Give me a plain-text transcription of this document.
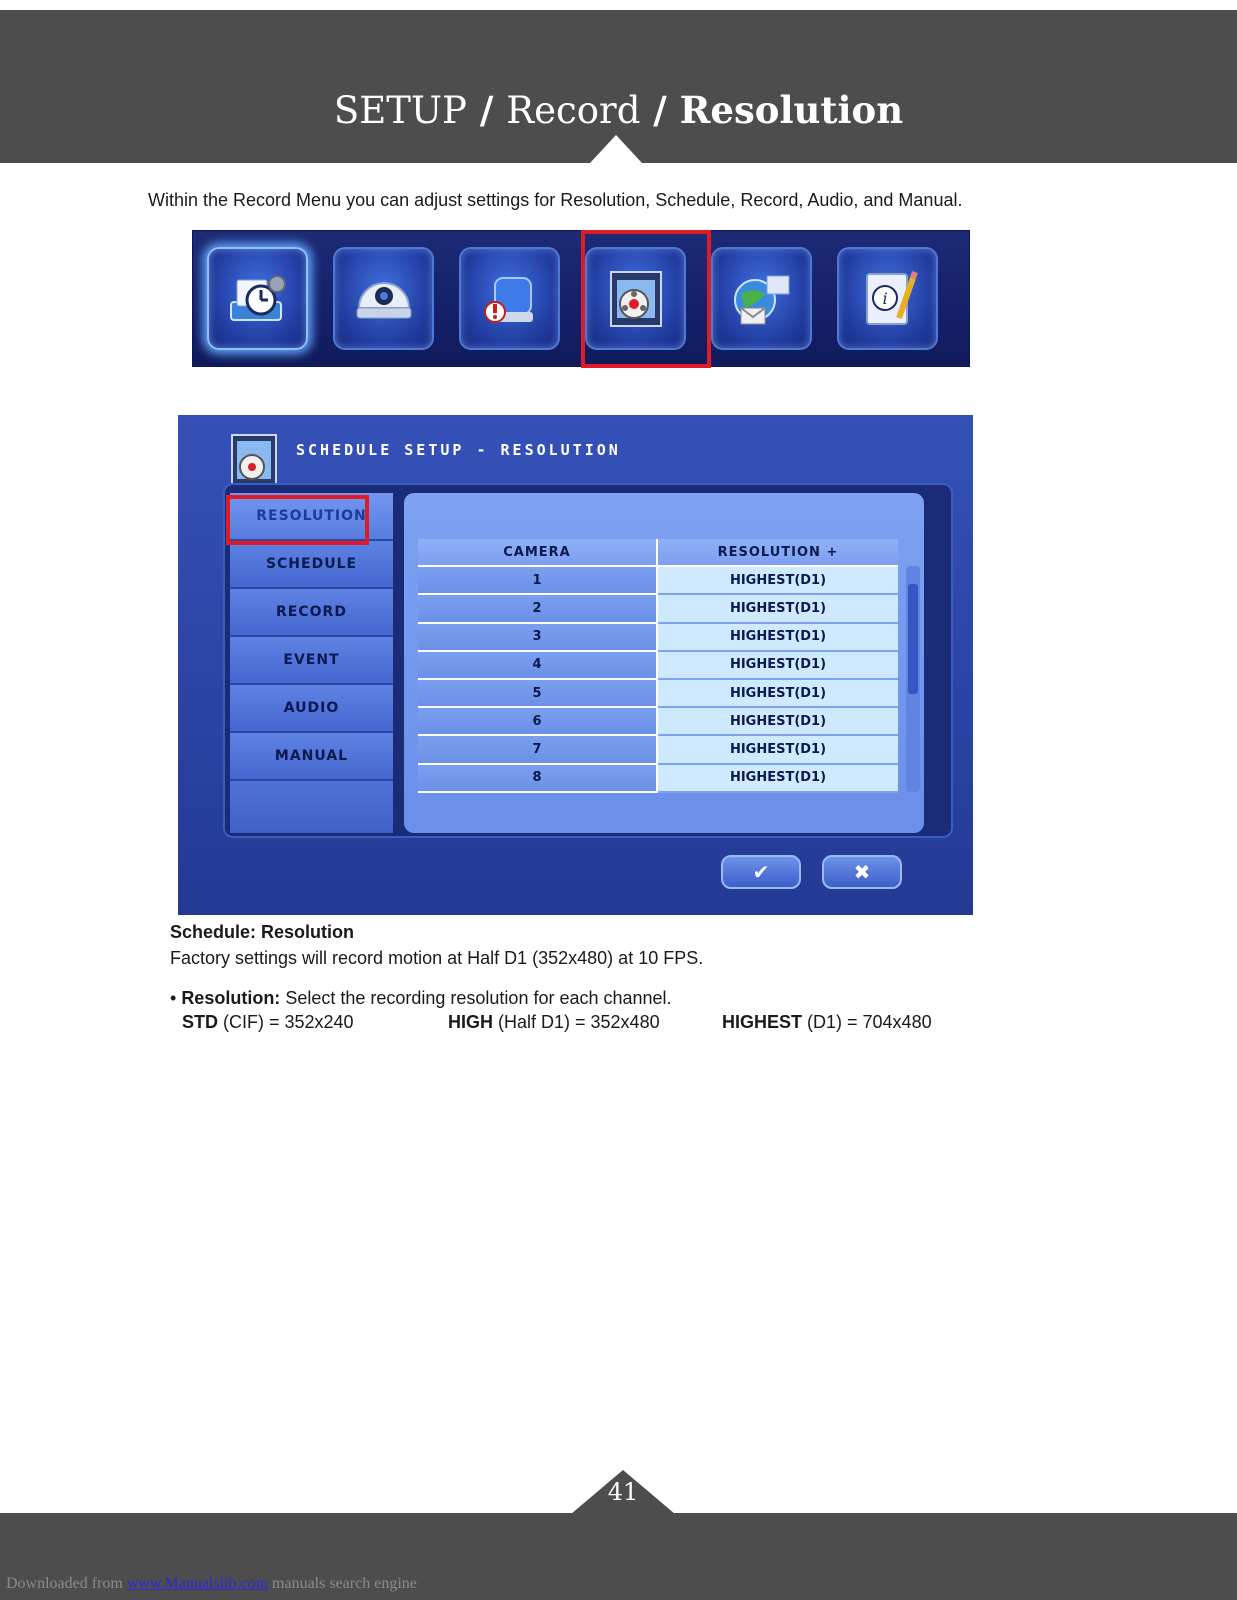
SETUP / Record / Resolution
Within the Record Menu you can adjust settings for Resolution, Schedule, Record, Audio, and Manual.
i
SCHEDULE SETUP - RESOLUTION
RESOLUTION
SCHEDULE
RECORD
EVENT
AUDIO
MANUAL
CAMERA	RESOLUTION +
1	HIGHEST(D1)
2	HIGHEST(D1)
3	HIGHEST(D1)
4	HIGHEST(D1)
5	HIGHEST(D1)
6	HIGHEST(D1)
7	HIGHEST(D1)
8	HIGHEST(D1)
✔	✖
Schedule: Resolution
Factory settings will record motion at Half D1 (352x480) at 10 FPS.
• Resolution: Select the recording resolution for each channel.
STD (CIF) = 352x240	HIGH (Half D1) = 352x480	HIGHEST (D1) = 704x480
41
Downloaded from www.Manualslib.com manuals search engine
